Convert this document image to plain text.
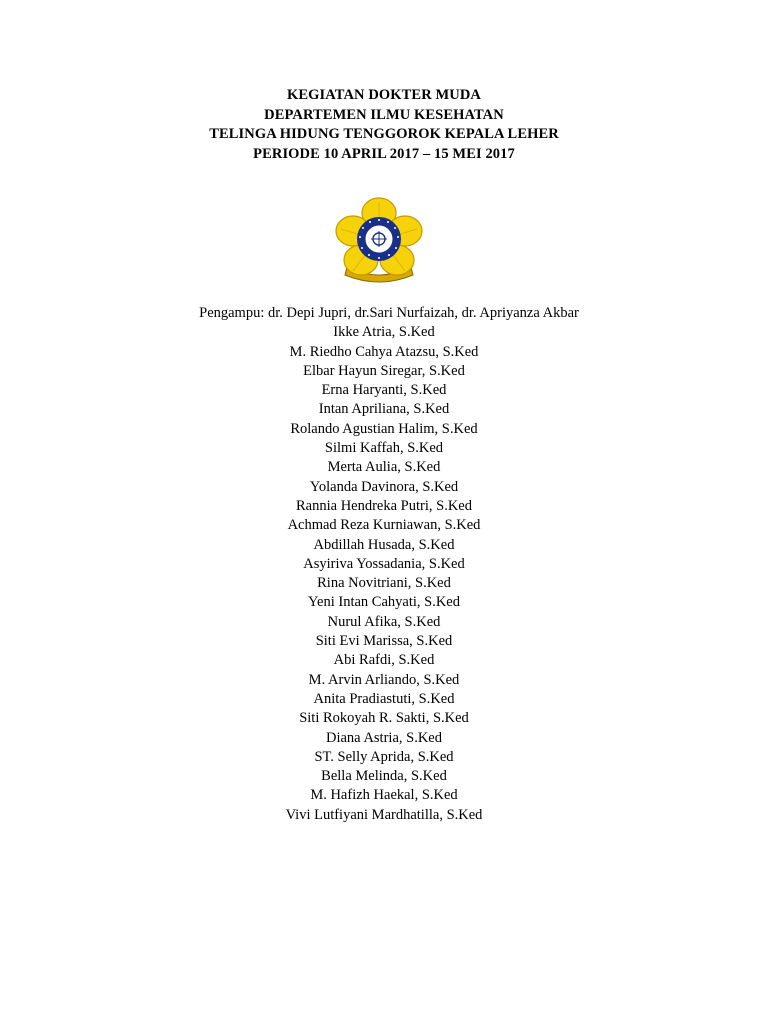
KEGIATAN DOKTER MUDA
DEPARTEMEN ILMU KESEHATAN
TELINGA HIDUNG TENGGOROK KEPALA LEHER
PERIODE 10 APRIL 2017 – 15 MEI 2017
Pengampu: dr. Depi Jupri, dr.Sari Nurfaizah, dr. Apriyanza Akbar
Ikke Atria, S.Ked
M. Riedho Cahya Atazsu, S.Ked
Elbar Hayun Siregar, S.Ked
Erna Haryanti, S.Ked
Intan Apriliana, S.Ked
Rolando Agustian Halim, S.Ked
Silmi Kaffah, S.Ked
Merta Aulia, S.Ked
Yolanda Davinora, S.Ked
Rannia Hendreka Putri, S.Ked
Achmad Reza Kurniawan, S.Ked
Abdillah Husada, S.Ked
Asyiriva Yossadania, S.Ked
Rina Novitriani, S.Ked
Yeni Intan Cahyati, S.Ked
Nurul Afika, S.Ked
Siti Evi Marissa, S.Ked
Abi Rafdi, S.Ked
M. Arvin Arliando, S.Ked
Anita Pradiastuti, S.Ked
Siti Rokoyah R. Sakti, S.Ked
Diana Astria, S.Ked
ST. Selly Aprida, S.Ked
Bella Melinda, S.Ked
M. Hafizh Haekal, S.Ked
Vivi Lutfiyani Mardhatilla, S.Ked
